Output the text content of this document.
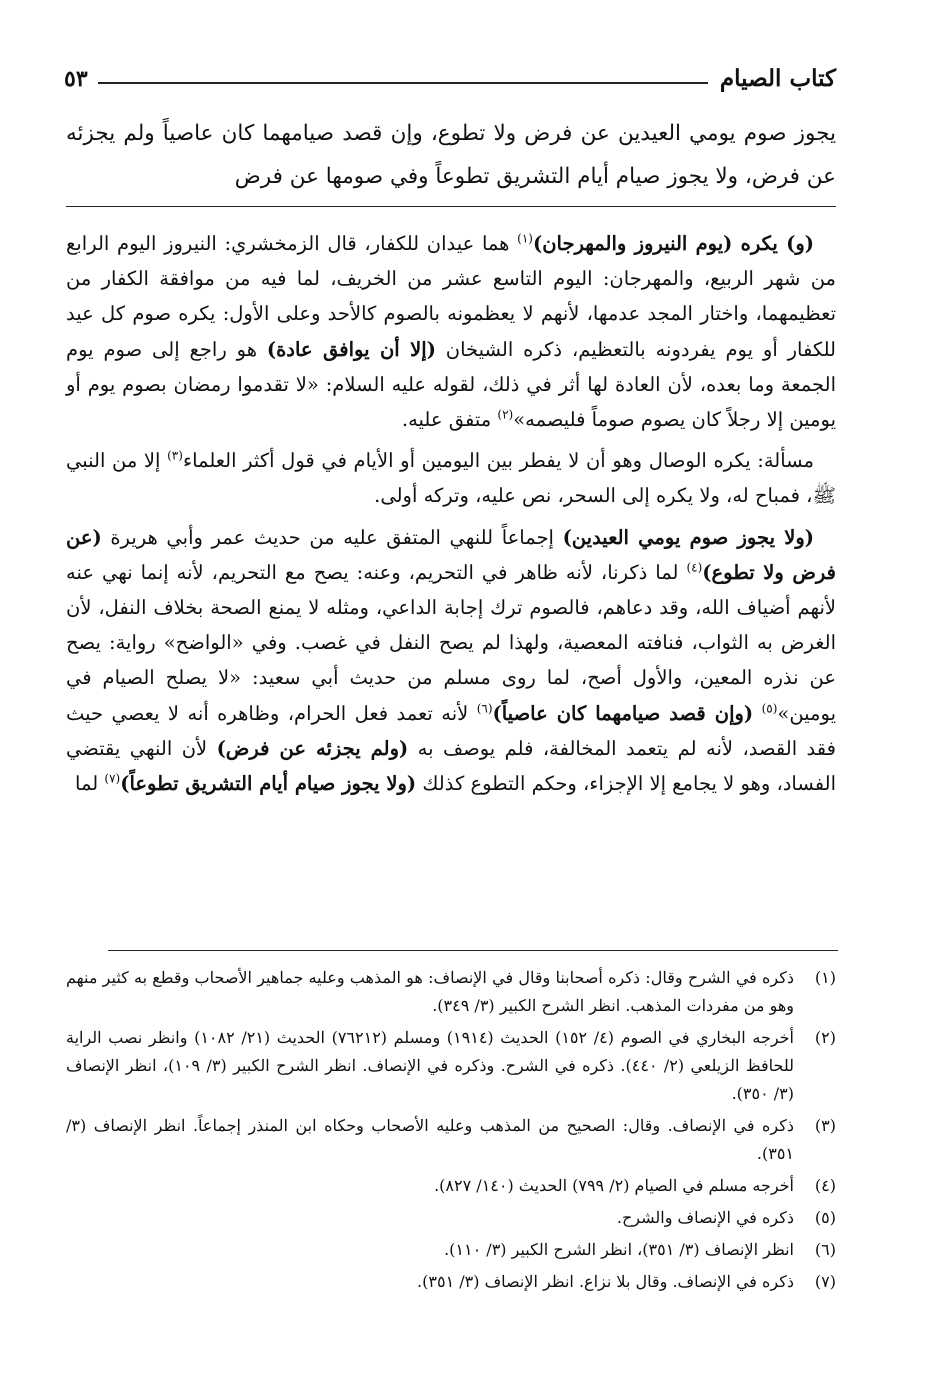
كتاب الصيام
٥٣

يجوز صوم يومي العيدين عن فرض ولا تطوع، وإن قصد صيامهما كان عاصياً ولم يجزئه عن فرض، ولا يجوز صيام أيام التشريق تطوعاً وفي صومها عن فرض

(و) يكره (يوم النيروز والمهرجان)$^{(١)}$ هما عيدان للكفار، قال الزمخشري: النيروز اليوم الرابع من شهر الربيع، والمهرجان: اليوم التاسع عشر من الخريف، لما فيه من موافقة الكفار من تعظيمهما، واختار المجد عدمها، لأنهم لا يعظمونه بالصوم كالأحد وعلى الأول: يكره صوم كل عيد للكفار أو يوم يفردونه بالتعظيم، ذكره الشيخان (إلا أن يوافق عادة) هو راجع إلى صوم يوم الجمعة وما بعده، لأن العادة لها أثر في ذلك، لقوله عليه السلام: «لا تقدموا رمضان بصوم يوم أو يومين إلا رجلاً كان يصوم صوماً فليصمه»$^{(٢)}$ متفق عليه.

مسألة: يكره الوصال وهو أن لا يفطر بين اليومين أو الأيام في قول أكثر العلماء$^{(٣)}$ إلا من النبي ﷺ، فمباح له، ولا يكره إلى السحر، نص عليه، وتركه أولى.

(ولا يجوز صوم يومي العيدين) إجماعاً للنهي المتفق عليه من حديث عمر وأبي هريرة (عن فرض ولا تطوع)$^{(٤)}$ لما ذكرنا، لأنه ظاهر في التحريم، وعنه: يصح مع التحريم، لأنه إنما نهي عنه لأنهم أضياف الله، وقد دعاهم، فالصوم ترك إجابة الداعي، ومثله لا يمنع الصحة بخلاف النفل، لأن الغرض به الثواب، فنافته المعصية، ولهذا لم يصح النفل في غصب. وفي «الواضح» رواية: يصح عن نذره المعين، والأول أصح، لما روى مسلم من حديث أبي سعيد: «لا يصلح الصيام في يومين»$^{(٥)}$ (وإن قصد صيامهما كان عاصياً)$^{(٦)}$ لأنه تعمد فعل الحرام، وظاهره أنه لا يعصي حيث فقد القصد، لأنه لم يتعمد المخالفة، فلم يوصف به (ولم يجزئه عن فرض) لأن النهي يقتضي الفساد، وهو لا يجامع إلا الإجزاء، وحكم التطوع كذلك (ولا يجوز صيام أيام التشريق تطوعاً)$^{(٧)}$ لما

(١)
ذكره في الشرح وقال: ذكره أصحابنا وقال في الإنصاف: هو المذهب وعليه جماهير الأصحاب وقطع به كثير منهم وهو من مفردات المذهب. انظر الشرح الكبير (٣/ ٣٤٩).
(٢)
أخرجه البخاري في الصوم (٤/ ١٥٢) الحديث (١٩١٤) ومسلم (٧٦٢١٢) الحديث (٢١/ ١٠٨٢) وانظر نصب الراية للحافظ الزيلعي (٢/ ٤٤٠). ذكره في الشرح. وذكره في الإنصاف. انظر الشرح الكبير (٣/ ١٠٩)، انظر الإنصاف (٣/ ٣٥٠).
(٣)
ذكره في الإنصاف. وقال: الصحيح من المذهب وعليه الأصحاب وحكاه ابن المنذر إجماعاً. انظر الإنصاف (٣/ ٣٥١).
(٤)
أخرجه مسلم في الصيام (٢/ ٧٩٩) الحديث (١٤٠/ ٨٢٧).
(٥)
ذكره في الإنصاف والشرح.
(٦)
انظر الإنصاف (٣/ ٣٥١)، انظر الشرح الكبير (٣/ ١١٠).
(٧)
ذكره في الإنصاف. وقال بلا نزاع. انظر الإنصاف (٣/ ٣٥١).
